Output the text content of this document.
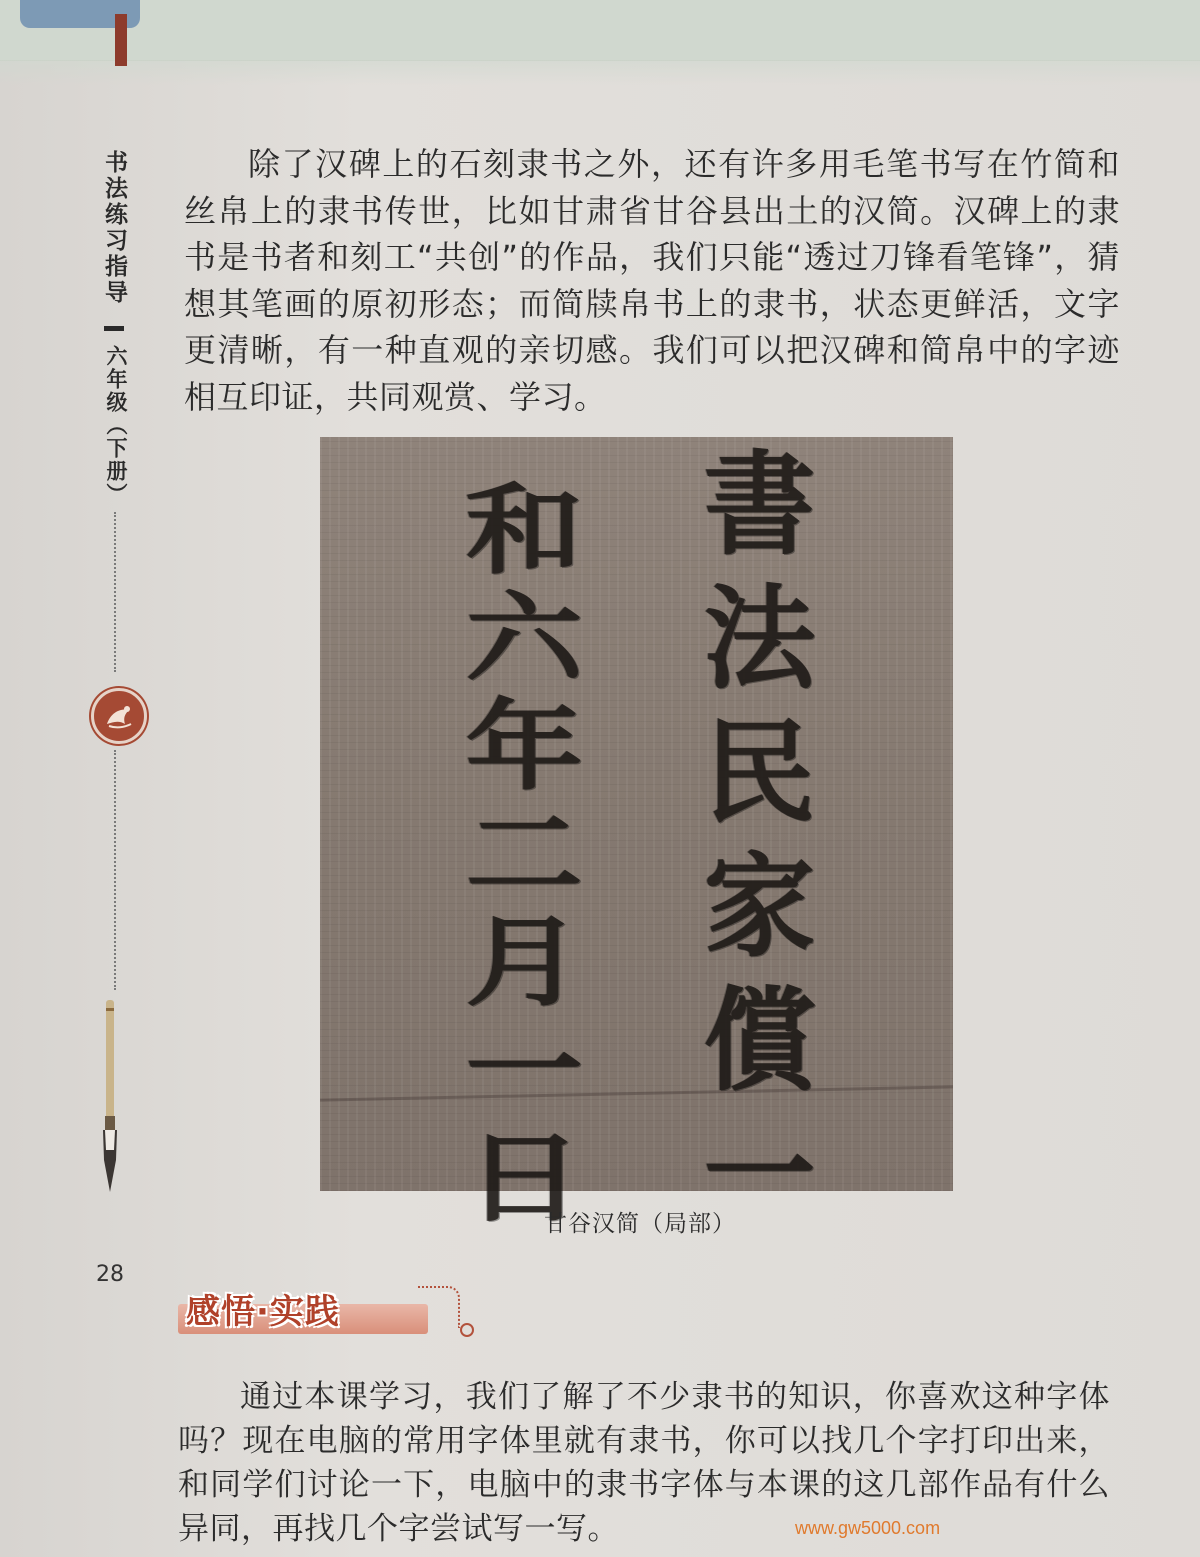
书法练习指导
六年级（下册）
28

除了汉碑上的石刻隶书之外，还有许多用毛笔书写在竹简和丝帛上的隶书传世，比如甘肃省甘谷县出土的汉简。汉碑上的隶书是书者和刻工“共创”的作品，我们只能“透过刀锋看笔锋”，猜想其笔画的原初形态；而简牍帛书上的隶书，状态更鲜活，文字更清晰，有一种直观的亲切感。我们可以把汉碑和简帛中的字迹相互印证，共同观赏、学习。

書法民家償一
和六年二月一日
甘谷汉简（局部）
感悟·实践

通过本课学习，我们了解了不少隶书的知识，你喜欢这种字体吗？现在电脑的常用字体里就有隶书，你可以找几个字打印出来，和同学们讨论一下，电脑中的隶书字体与本课的这几部作品有什么异同，再找几个字尝试写一写。	www.gw5000.com
